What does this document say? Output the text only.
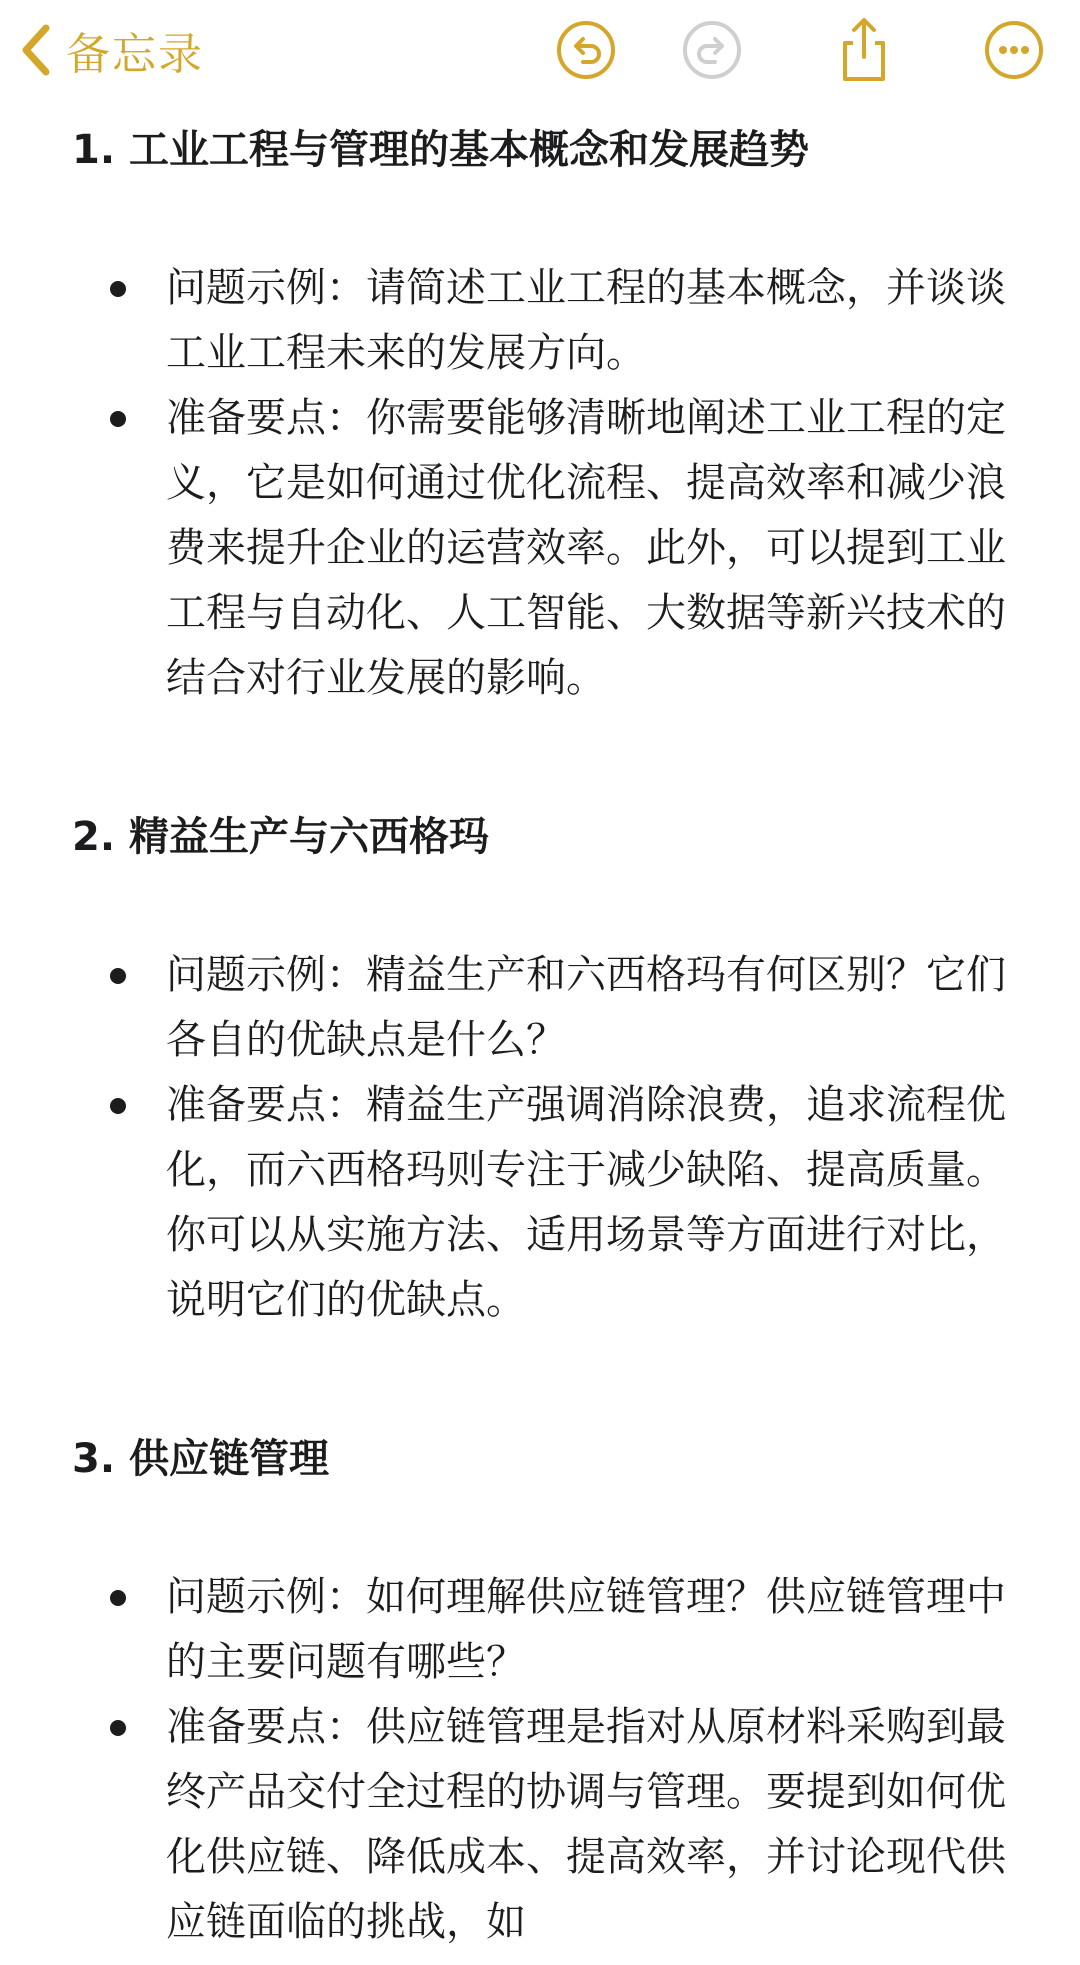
备忘录
1. 工业工程与管理的基本概念和发展趋势
问题示例：请简述工业工程的基本概念，并谈谈工业工程未来的发展方向。
准备要点：你需要能够清晰地阐述工业工程的定义，它是如何通过优化流程、提高效率和减少浪费来提升企业的运营效率。此外，可以提到工业工程与自动化、人工智能、大数据等新兴技术的结合对行业发展的影响。
2. 精益生产与六西格玛
问题示例：精益生产和六西格玛有何区别？它们各自的优缺点是什么？
准备要点：精益生产强调消除浪费，追求流程优化，而六西格玛则专注于减少缺陷、提高质量。你可以从实施方法、适用场景等方面进行对比，说明它们的优缺点。
3. 供应链管理
问题示例：如何理解供应链管理？供应链管理中的主要问题有哪些？
准备要点：供应链管理是指对从原材料采购到最终产品交付全过程的协调与管理。要提到如何优化供应链、降低成本、提高效率，并讨论现代供应链面临的挑战，如
